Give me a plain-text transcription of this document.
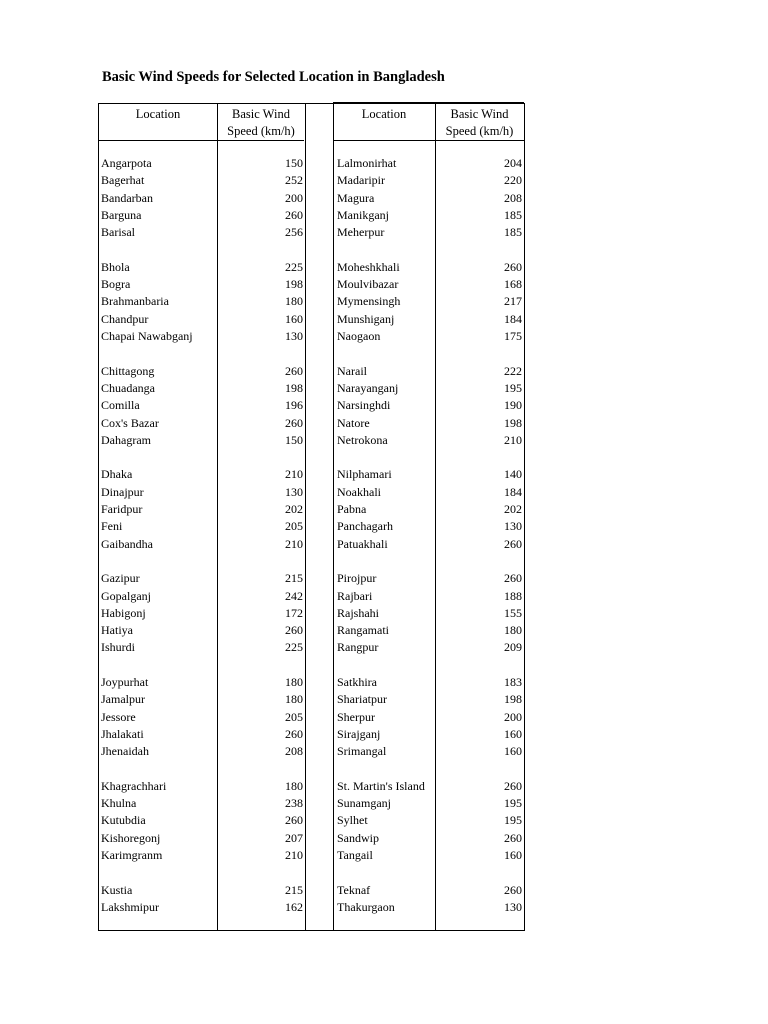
Basic Wind Speeds for Selected Location in Bangladesh
Location	Basic Wind Speed (km/h)
Location	Basic Wind Speed (km/h)
Angarpota	150
Bagerhat	252
Bandarban	200
Barguna	260
Barisal	256
Bhola	225
Bogra	198
Brahmanbaria	180
Chandpur	160
Chapai Nawabganj	130
Chittagong	260
Chuadanga	198
Comilla	196
Cox's Bazar	260
Dahagram	150
Dhaka	210
Dinajpur	130
Faridpur	202
Feni	205
Gaibandha	210
Gazipur	215
Gopalganj	242
Habigonj	172
Hatiya	260
Ishurdi	225
Joypurhat	180
Jamalpur	180
Jessore	205
Jhalakati	260
Jhenaidah	208
Khagrachhari	180
Khulna	238
Kutubdia	260
Kishoregonj	207
Karimgranm	210
Kustia	215
Lakshmipur	162
Lalmonirhat	204
Madaripir	220
Magura	208
Manikganj	185
Meherpur	185
Moheshkhali	260
Moulvibazar	168
Mymensingh	217
Munshiganj	184
Naogaon	175
Narail	222
Narayanganj	195
Narsinghdi	190
Natore	198
Netrokona	210
Nilphamari	140
Noakhali	184
Pabna	202
Panchagarh	130
Patuakhali	260
Pirojpur	260
Rajbari	188
Rajshahi	155
Rangamati	180
Rangpur	209
Satkhira	183
Shariatpur	198
Sherpur	200
Sirajganj	160
Srimangal	160
St. Martin's Island	260
Sunamganj	195
Sylhet	195
Sandwip	260
Tangail	160
Teknaf	260
Thakurgaon	130
